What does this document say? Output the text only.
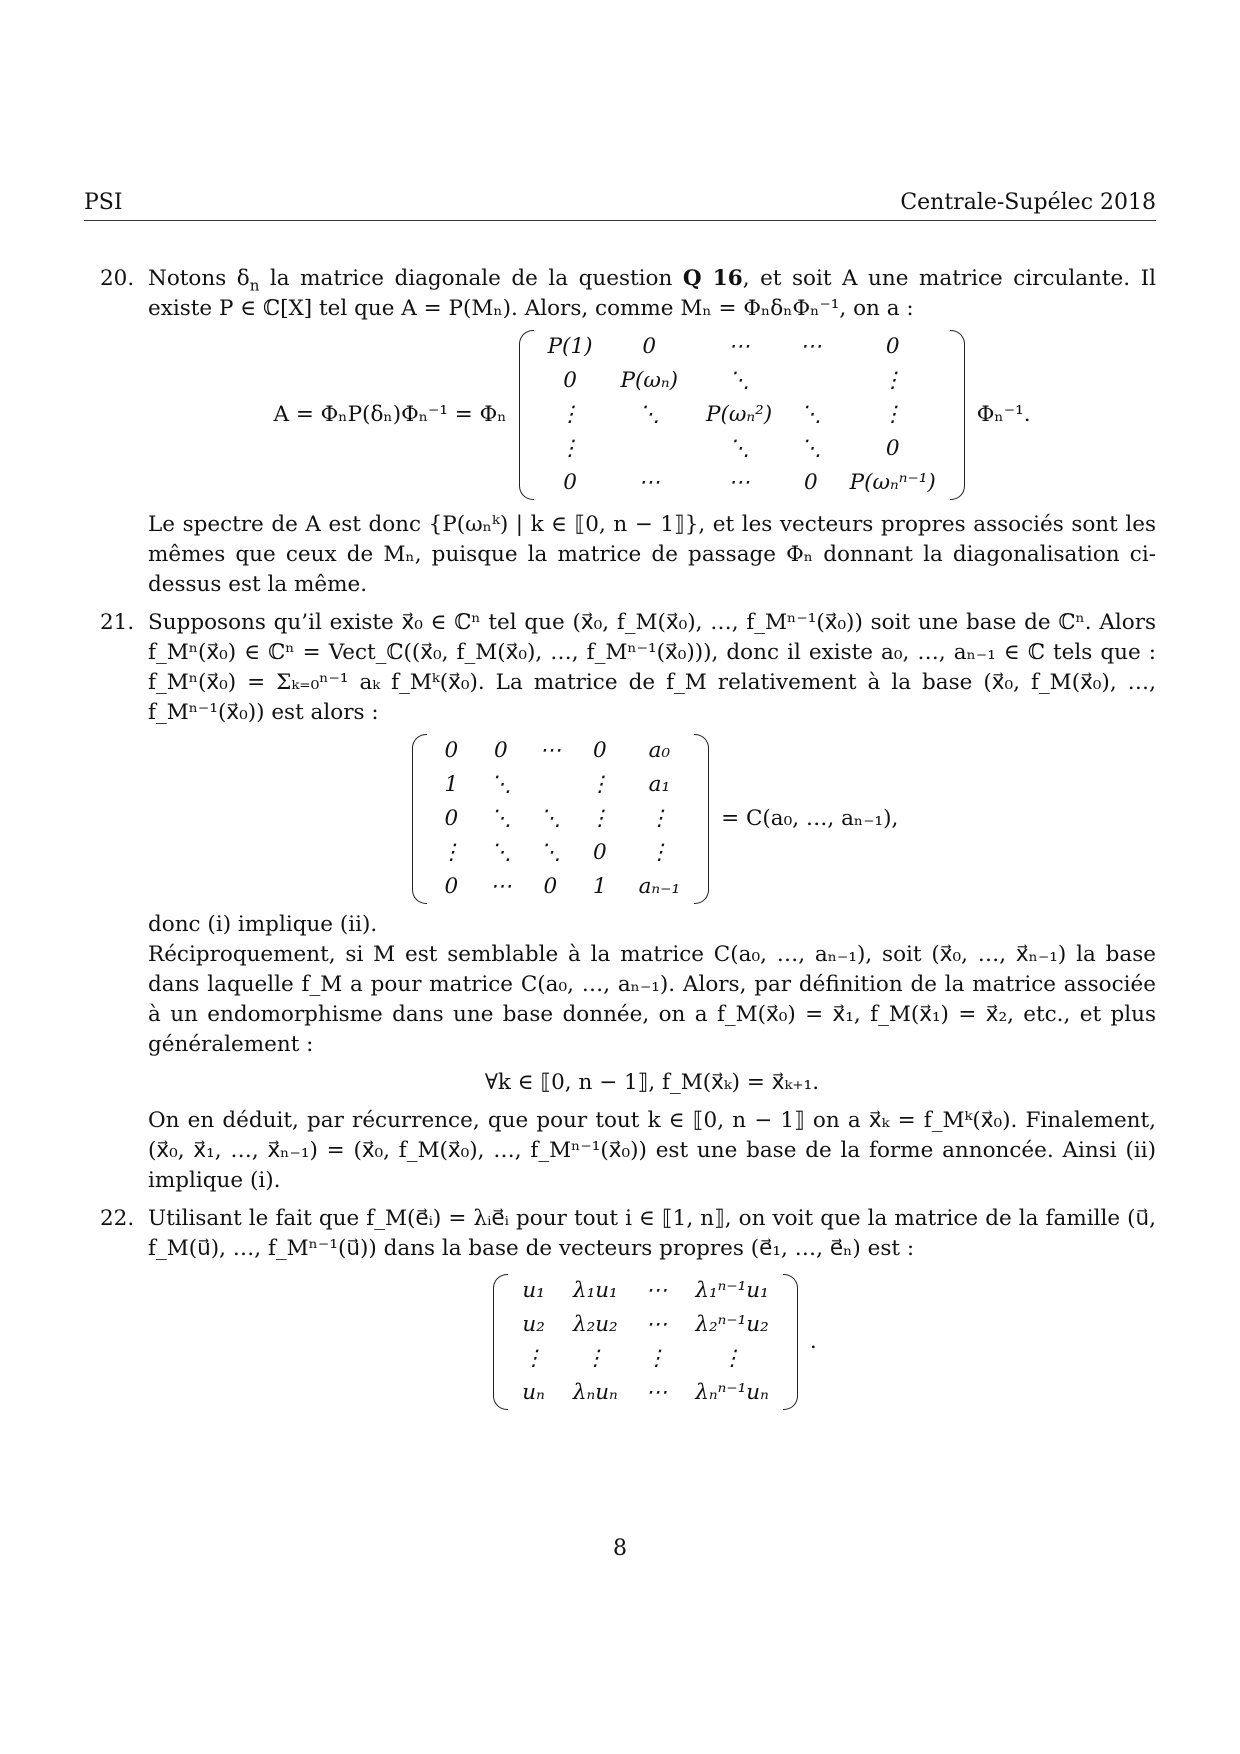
PSI	Centrale-Supélec 2018
20. Notons $\delta_n$ la matrice diagonale de la question Q 16, et soit A une matrice circulante. Il existe P ∈ ℂ[X] tel que A = P(Mₙ). Alors, comme Mₙ = ΦₙδₙΦₙ⁻¹, on a :

A = ΦₙP(δₙ)Φₙ⁻¹ = Φₙ
P(1)	0	⋯	⋯	0
0	P(ωₙ)	⋱		⋮
⋮	⋱	P(ωₙ²)	⋱	⋮
⋮		⋱	⋱	0
0	⋯	⋯	0	P(ωₙⁿ⁻¹)
Φₙ⁻¹.

Le spectre de A est donc {P(ωₙᵏ) | k ∈ ⟦0, n − 1⟧}, et les vecteurs propres associés sont les mêmes que ceux de Mₙ, puisque la matrice de passage Φₙ donnant la diagonalisation ci-dessus est la même.

21. Supposons qu’il existe x⃗₀ ∈ ℂⁿ tel que (x⃗₀, f_M(x⃗₀), …, f_Mⁿ⁻¹(x⃗₀)) soit une base de ℂⁿ. Alors f_Mⁿ(x⃗₀) ∈ ℂⁿ = Vect_ℂ((x⃗₀, f_M(x⃗₀), …, f_Mⁿ⁻¹(x⃗₀))), donc il existe a₀, …, aₙ₋₁ ∈ ℂ tels que : f_Mⁿ(x⃗₀) = Σₖ₌₀ⁿ⁻¹ aₖ f_Mᵏ(x⃗₀). La matrice de f_M relativement à la base (x⃗₀, f_M(x⃗₀), …, f_Mⁿ⁻¹(x⃗₀)) est alors :

0	0	⋯	0	a₀
1	⋱		⋮	a₁
0	⋱	⋱	⋮	⋮
⋮	⋱	⋱	0	⋮
0	⋯	0	1	aₙ₋₁
= C(a₀, …, aₙ₋₁),

donc (i) implique (ii).

Réciproquement, si M est semblable à la matrice C(a₀, …, aₙ₋₁), soit (x⃗₀, …, x⃗ₙ₋₁) la base dans laquelle f_M a pour matrice C(a₀, …, aₙ₋₁). Alors, par définition de la matrice associée à un endomorphisme dans une base donnée, on a f_M(x⃗₀) = x⃗₁, f_M(x⃗₁) = x⃗₂, etc., et plus généralement :

∀k ∈ ⟦0, n − 1⟧, f_M(x⃗ₖ) = x⃗ₖ₊₁.

On en déduit, par récurrence, que pour tout k ∈ ⟦0, n − 1⟧ on a x⃗ₖ = f_Mᵏ(x⃗₀). Finalement, (x⃗₀, x⃗₁, …, x⃗ₙ₋₁) = (x⃗₀, f_M(x⃗₀), …, f_Mⁿ⁻¹(x⃗₀)) est une base de la forme annoncée. Ainsi (ii) implique (i).

22. Utilisant le fait que f_M(e⃗ᵢ) = λᵢe⃗ᵢ pour tout i ∈ ⟦1, n⟧, on voit que la matrice de la famille (u⃗, f_M(u⃗), …, f_Mⁿ⁻¹(u⃗)) dans la base de vecteurs propres (e⃗₁, …, e⃗ₙ) est :

u₁	λ₁u₁	⋯	λ₁ⁿ⁻¹u₁
u₂	λ₂u₂	⋯	λ₂ⁿ⁻¹u₂
⋮	⋮	⋮	⋮
uₙ	λₙuₙ	⋯	λₙⁿ⁻¹uₙ
.
8
